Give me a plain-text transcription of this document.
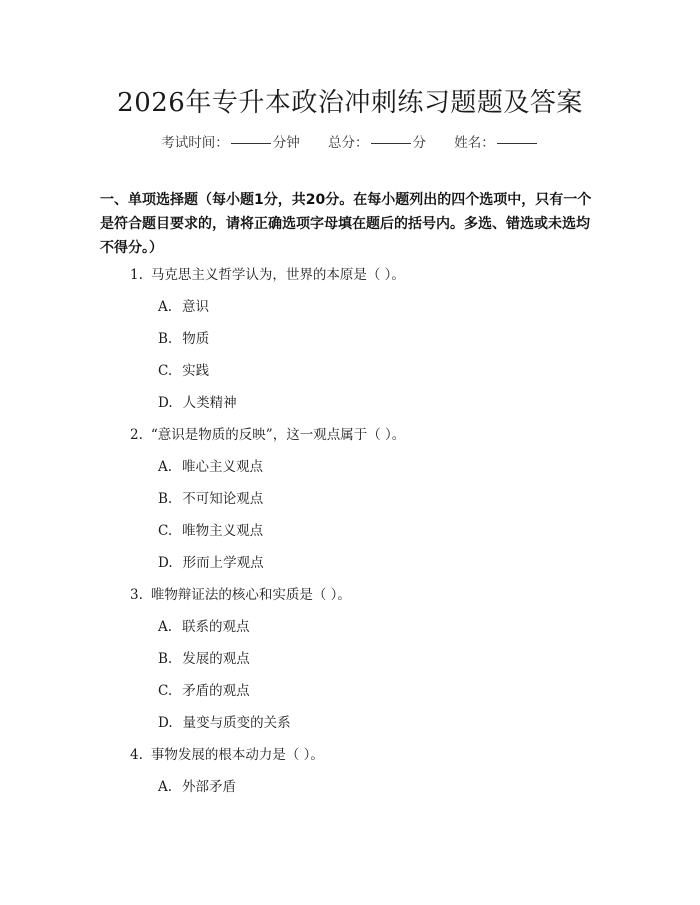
2026年专升本政治冲刺练习题题及答案
考试时间：	分钟 总分：	分 姓名：
一、单项选择题（每小题1分，共20分。在每小题列出的四个选项中，只有一个是符合题目要求的，请将正确选项字母填在题后的括号内。多选、错选或未选均不得分。）
1. 马克思主义哲学认为，世界的本原是（ ）。
A. 意识
B. 物质
C. 实践
D. 人类精神
2. “意识是物质的反映”，这一观点属于（ ）。
A. 唯心主义观点
B. 不可知论观点
C. 唯物主义观点
D. 形而上学观点
3. 唯物辩证法的核心和实质是（ ）。
A. 联系的观点
B. 发展的观点
C. 矛盾的观点
D. 量变与质变的关系
4. 事物发展的根本动力是（ ）。
A. 外部矛盾
